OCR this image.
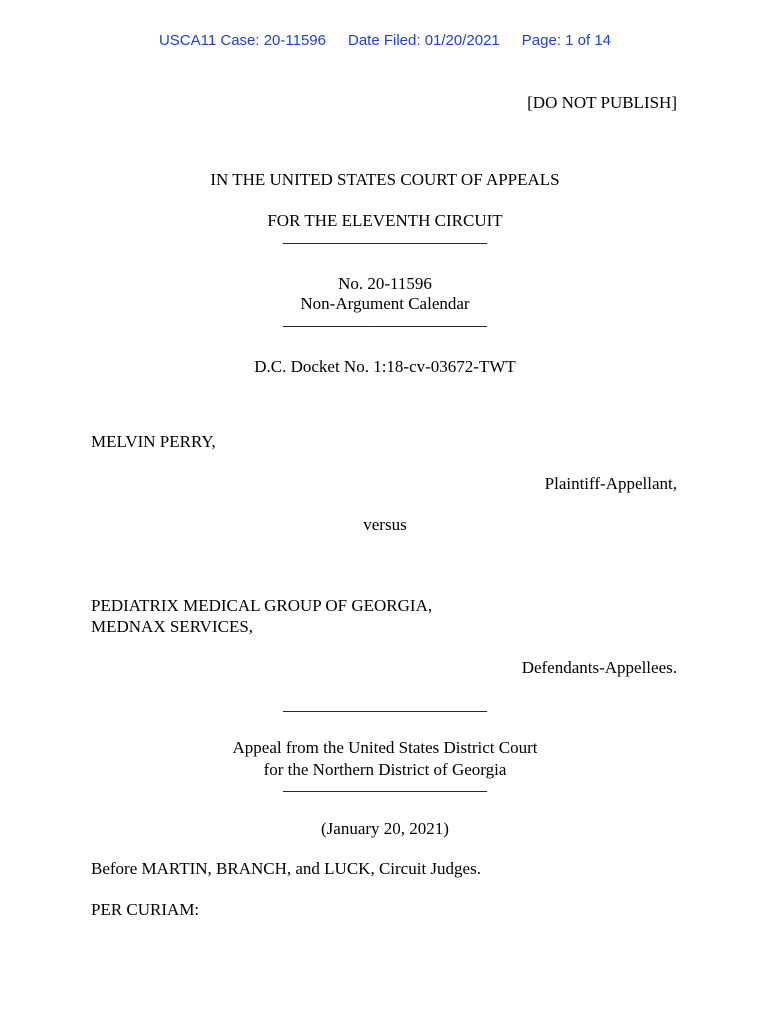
USCA11 Case: 20-11596 Date Filed: 01/20/2021 Page: 1 of 14
[DO NOT PUBLISH]
IN THE UNITED STATES COURT OF APPEALS
FOR THE ELEVENTH CIRCUIT
________________________
No. 20-11596
Non-Argument Calendar
________________________
D.C. Docket No. 1:18-cv-03672-TWT
MELVIN PERRY,
Plaintiff-Appellant,
versus
PEDIATRIX MEDICAL GROUP OF GEORGIA,
MEDNAX SERVICES,
Defendants-Appellees.
________________________
Appeal from the United States District Court
for the Northern District of Georgia
________________________
(January 20, 2021)
Before MARTIN, BRANCH, and LUCK, Circuit Judges.
PER CURIAM:
